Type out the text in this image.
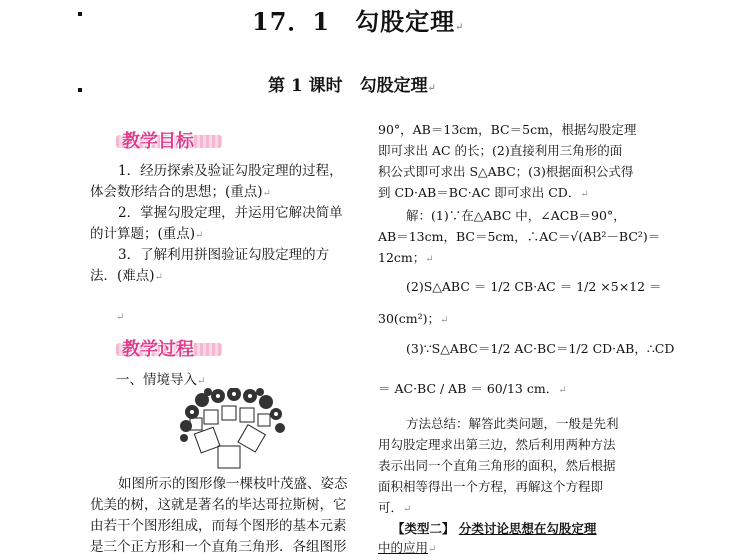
17．1　勾股定理↵
第 1 课时　勾股定理↵
教学目标
1．经历探索及验证勾股定理的过程，
体会数形结合的思想；(重点)↵
2．掌握勾股定理，并运用它解决简单
的计算题；(重点)↵
3．了解利用拼图验证勾股定理的方
法．(难点)↵
↵
教学过程
一、情境导入↵
如图所示的图形像一棵枝叶茂盛、姿态
优美的树，这就是著名的毕达哥拉斯树，它
由若干个图形组成，而每个图形的基本元素
是三个正方形和一个直角三角形．各组图形
90°，AB＝13cm，BC＝5cm，根据勾股定理
即可求出 AC 的长；(2)直接利用三角形的面
积公式即可求出 S△ABC；(3)根据面积公式得
到 CD·AB＝BC·AC 即可求出 CD．↵
解：(1)∵在△ABC 中，∠ACB＝90°，
AB＝13cm，BC＝5cm，∴AC＝√(AB²－BC²)＝
12cm；↵
(2)S△ABC ＝ 1/2 CB·AC ＝ 1/2 ×5×12 ＝
30(cm²)；↵
(3)∵S△ABC＝1/2 AC·BC＝1/2 CD·AB，∴CD
＝ AC·BC / AB ＝ 60/13 cm．↵
方法总结：解答此类问题，一般是先利
用勾股定理求出第三边，然后利用两种方法
表示出同一个直角三角形的面积，然后根据
面积相等得出一个方程，再解这个方程即
可．↵
【类型二】 分类讨论思想在勾股定理
中的应用↵
